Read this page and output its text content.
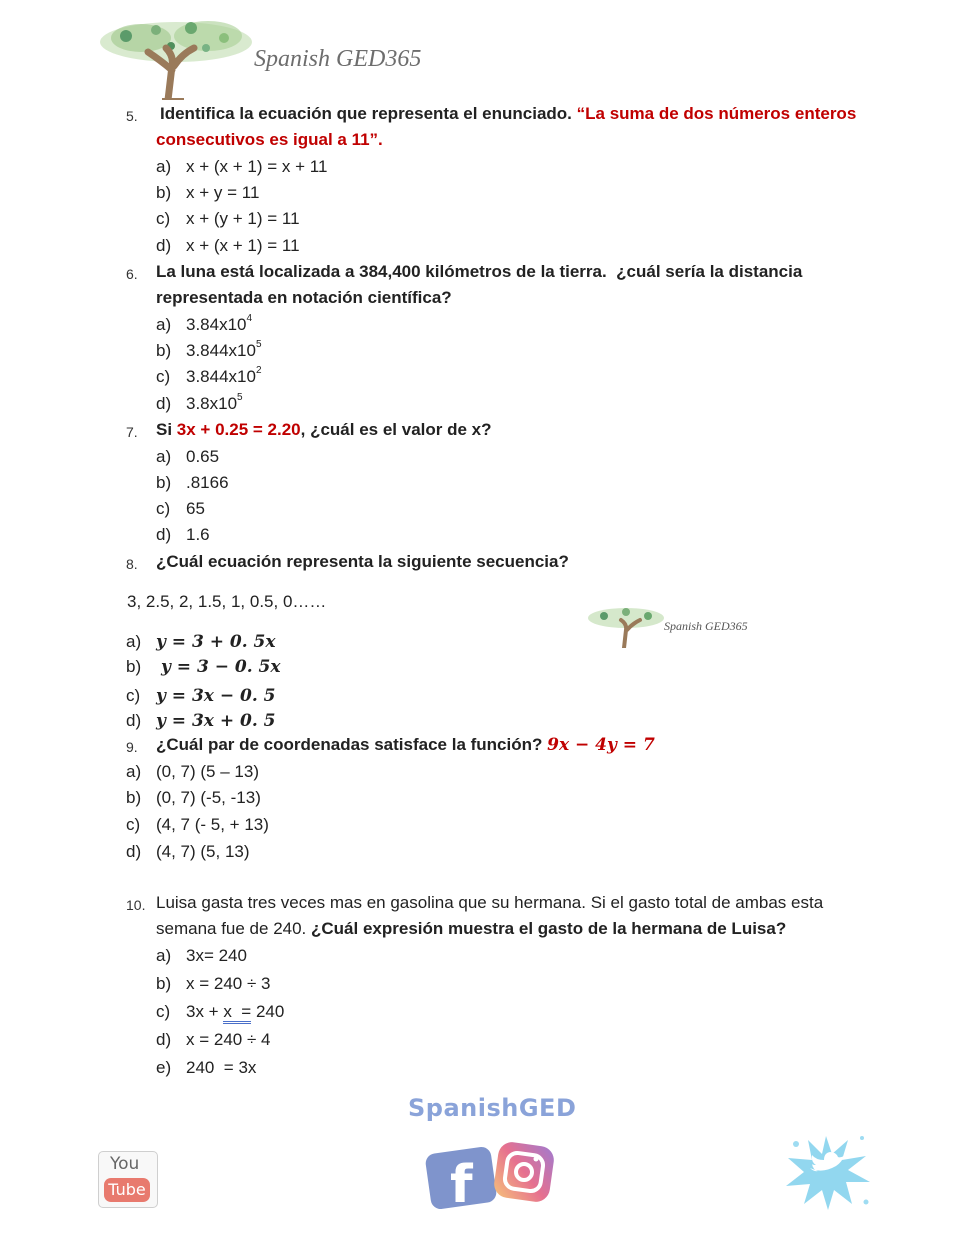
Spanish GED365
5. Identifica la ecuación que representa el enunciado. “La suma de dos números enteros
consecutivos es igual a 11”.
a) x + (x + 1) = x + 11
b) x + y = 11
c) x + (y + 1) = 11
d) x + (x + 1) = 11
6. La luna está localizada a 384,400 kilómetros de la tierra.  ¿cuál sería la distancia
representada en notación científica?
a) $3.84x10^4$
b) $3.844x10^5$
c) $3.844x10^2$
d) $3.8x10^5$
7. Si 3x + 0.25 = 2.20, ¿cuál es el valor de x?
a) 0.65
b) .8166
c) 65
d) 1.6
8. ¿Cuál ecuación representa la siguiente secuencia?
3, 2.5, 2, 1.5, 1, 0.5, 0……
Spanish GED365
a) y = 3 + 0. 5x
b) y = 3 − 0. 5x
c) y = 3x − 0. 5
d) y = 3x + 0. 5
9. ¿Cuál par de coordenadas satisface la función? 9x − 4y = 7
a) (0, 7) (5 – 13)
b) (0, 7) (-5, -13)
c) (4, 7 (- 5, + 13)
d) (4, 7) (5, 13)
10. Luisa gasta tres veces mas en gasolina que su hermana. Si el gasto total de ambas esta
semana fue de 240. ¿Cuál expresión muestra el gasto de la hermana de Luisa?
a) 3x= 240
b) x = 240 ÷ 3
c) 3x + x  = 240
d) x = 240 ÷ 4
e) 240  = 3x
SpanishGED
You
Tube	f
